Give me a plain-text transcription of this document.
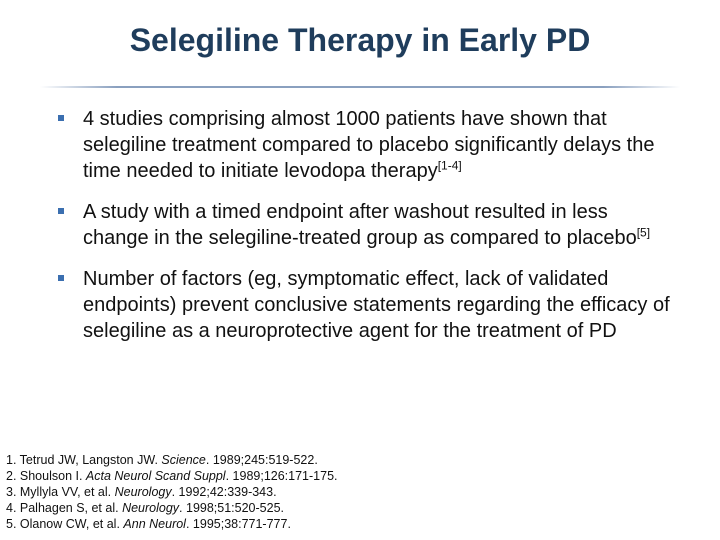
Selegiline Therapy in Early PD
4 studies comprising almost 1000 patients have shown that selegiline treatment compared to placebo significantly delays the time needed to initiate levodopa therapy[1-4]
A study with a timed endpoint after washout resulted in less change in the selegiline-treated group as compared to placebo[5]
Number of factors (eg, symptomatic effect, lack of validated endpoints) prevent conclusive statements regarding the efficacy of selegiline as a neuroprotective agent for the treatment of PD
1. Tetrud JW, Langston JW. Science. 1989;245:519-522.
2. Shoulson I. Acta Neurol Scand Suppl. 1989;126:171-175.
3. Myllyla VV, et al. Neurology. 1992;42:339-343.
4. Palhagen S, et al. Neurology. 1998;51:520-525.
5. Olanow CW, et al. Ann Neurol. 1995;38:771-777.
